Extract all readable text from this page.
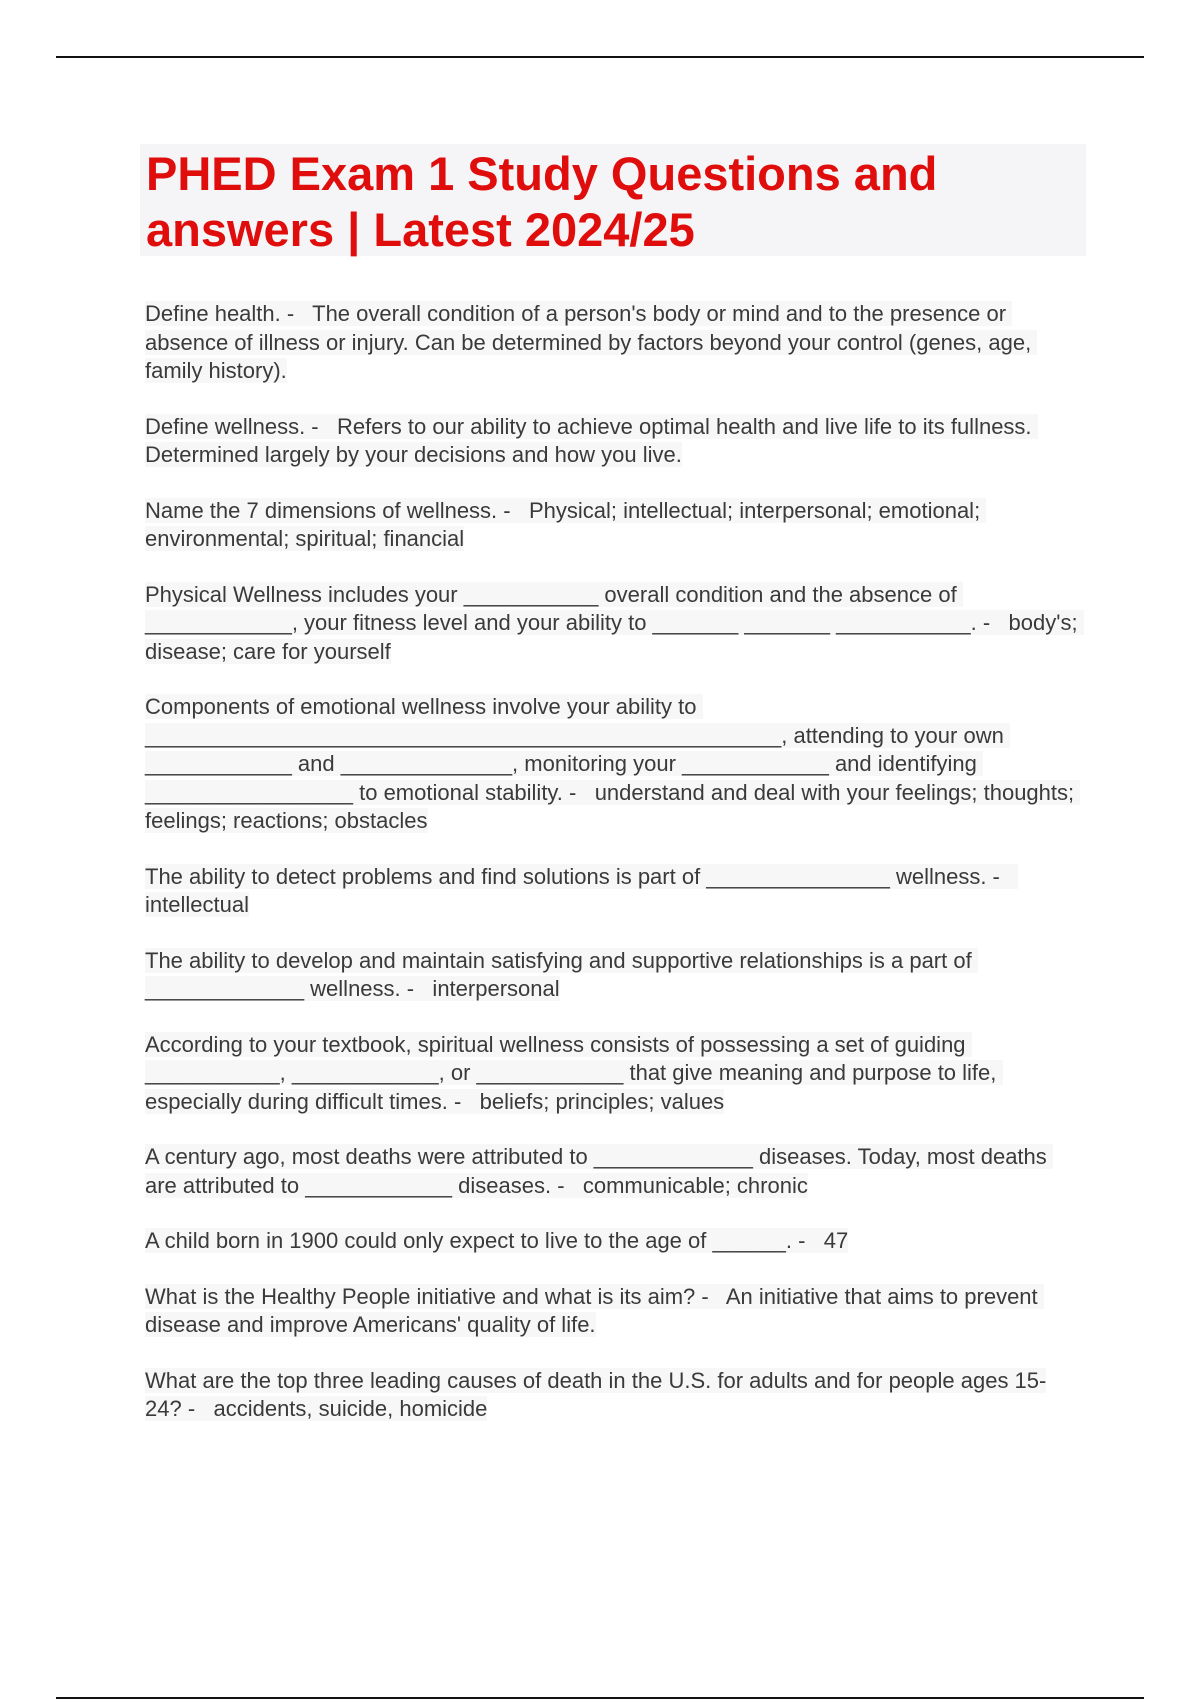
PHED Exam 1 Study Questions and answers | Latest 2024/25

Define health. -   The overall condition of a person's body or mind and to the presence or absence of illness or injury. Can be determined by factors beyond your control (genes, age, family history).

Define wellness. -   Refers to our ability to achieve optimal health and live life to its fullness. Determined largely by your decisions and how you live.

Name the 7 dimensions of wellness. -   Physical; intellectual; interpersonal; emotional; environmental; spiritual; financial

Physical Wellness includes your ___________ overall condition and the absence of ____________, your fitness level and your ability to _______ _______ ___________. -   body's; disease; care for yourself

Components of emotional wellness involve your ability to ____________________________________________________, attending to your own ____________ and ______________, monitoring your ____________ and identifying _________________ to emotional stability. -   understand and deal with your feelings; thoughts; feelings; reactions; obstacles

The ability to detect problems and find solutions is part of _______________ wellness. -   intellectual

The ability to develop and maintain satisfying and supportive relationships is a part of _____________ wellness. -   interpersonal

According to your textbook, spiritual wellness consists of possessing a set of guiding ___________, ____________, or ____________ that give meaning and purpose to life, especially during difficult times. -   beliefs; principles; values

A century ago, most deaths were attributed to _____________ diseases. Today, most deaths are attributed to ____________ diseases. -   communicable; chronic

A child born in 1900 could only expect to live to the age of ______. -   47

What is the Healthy People initiative and what is its aim? -   An initiative that aims to prevent disease and improve Americans' quality of life.

What are the top three leading causes of death in the U.S. for adults and for people ages 15-24? -   accidents, suicide, homicide
